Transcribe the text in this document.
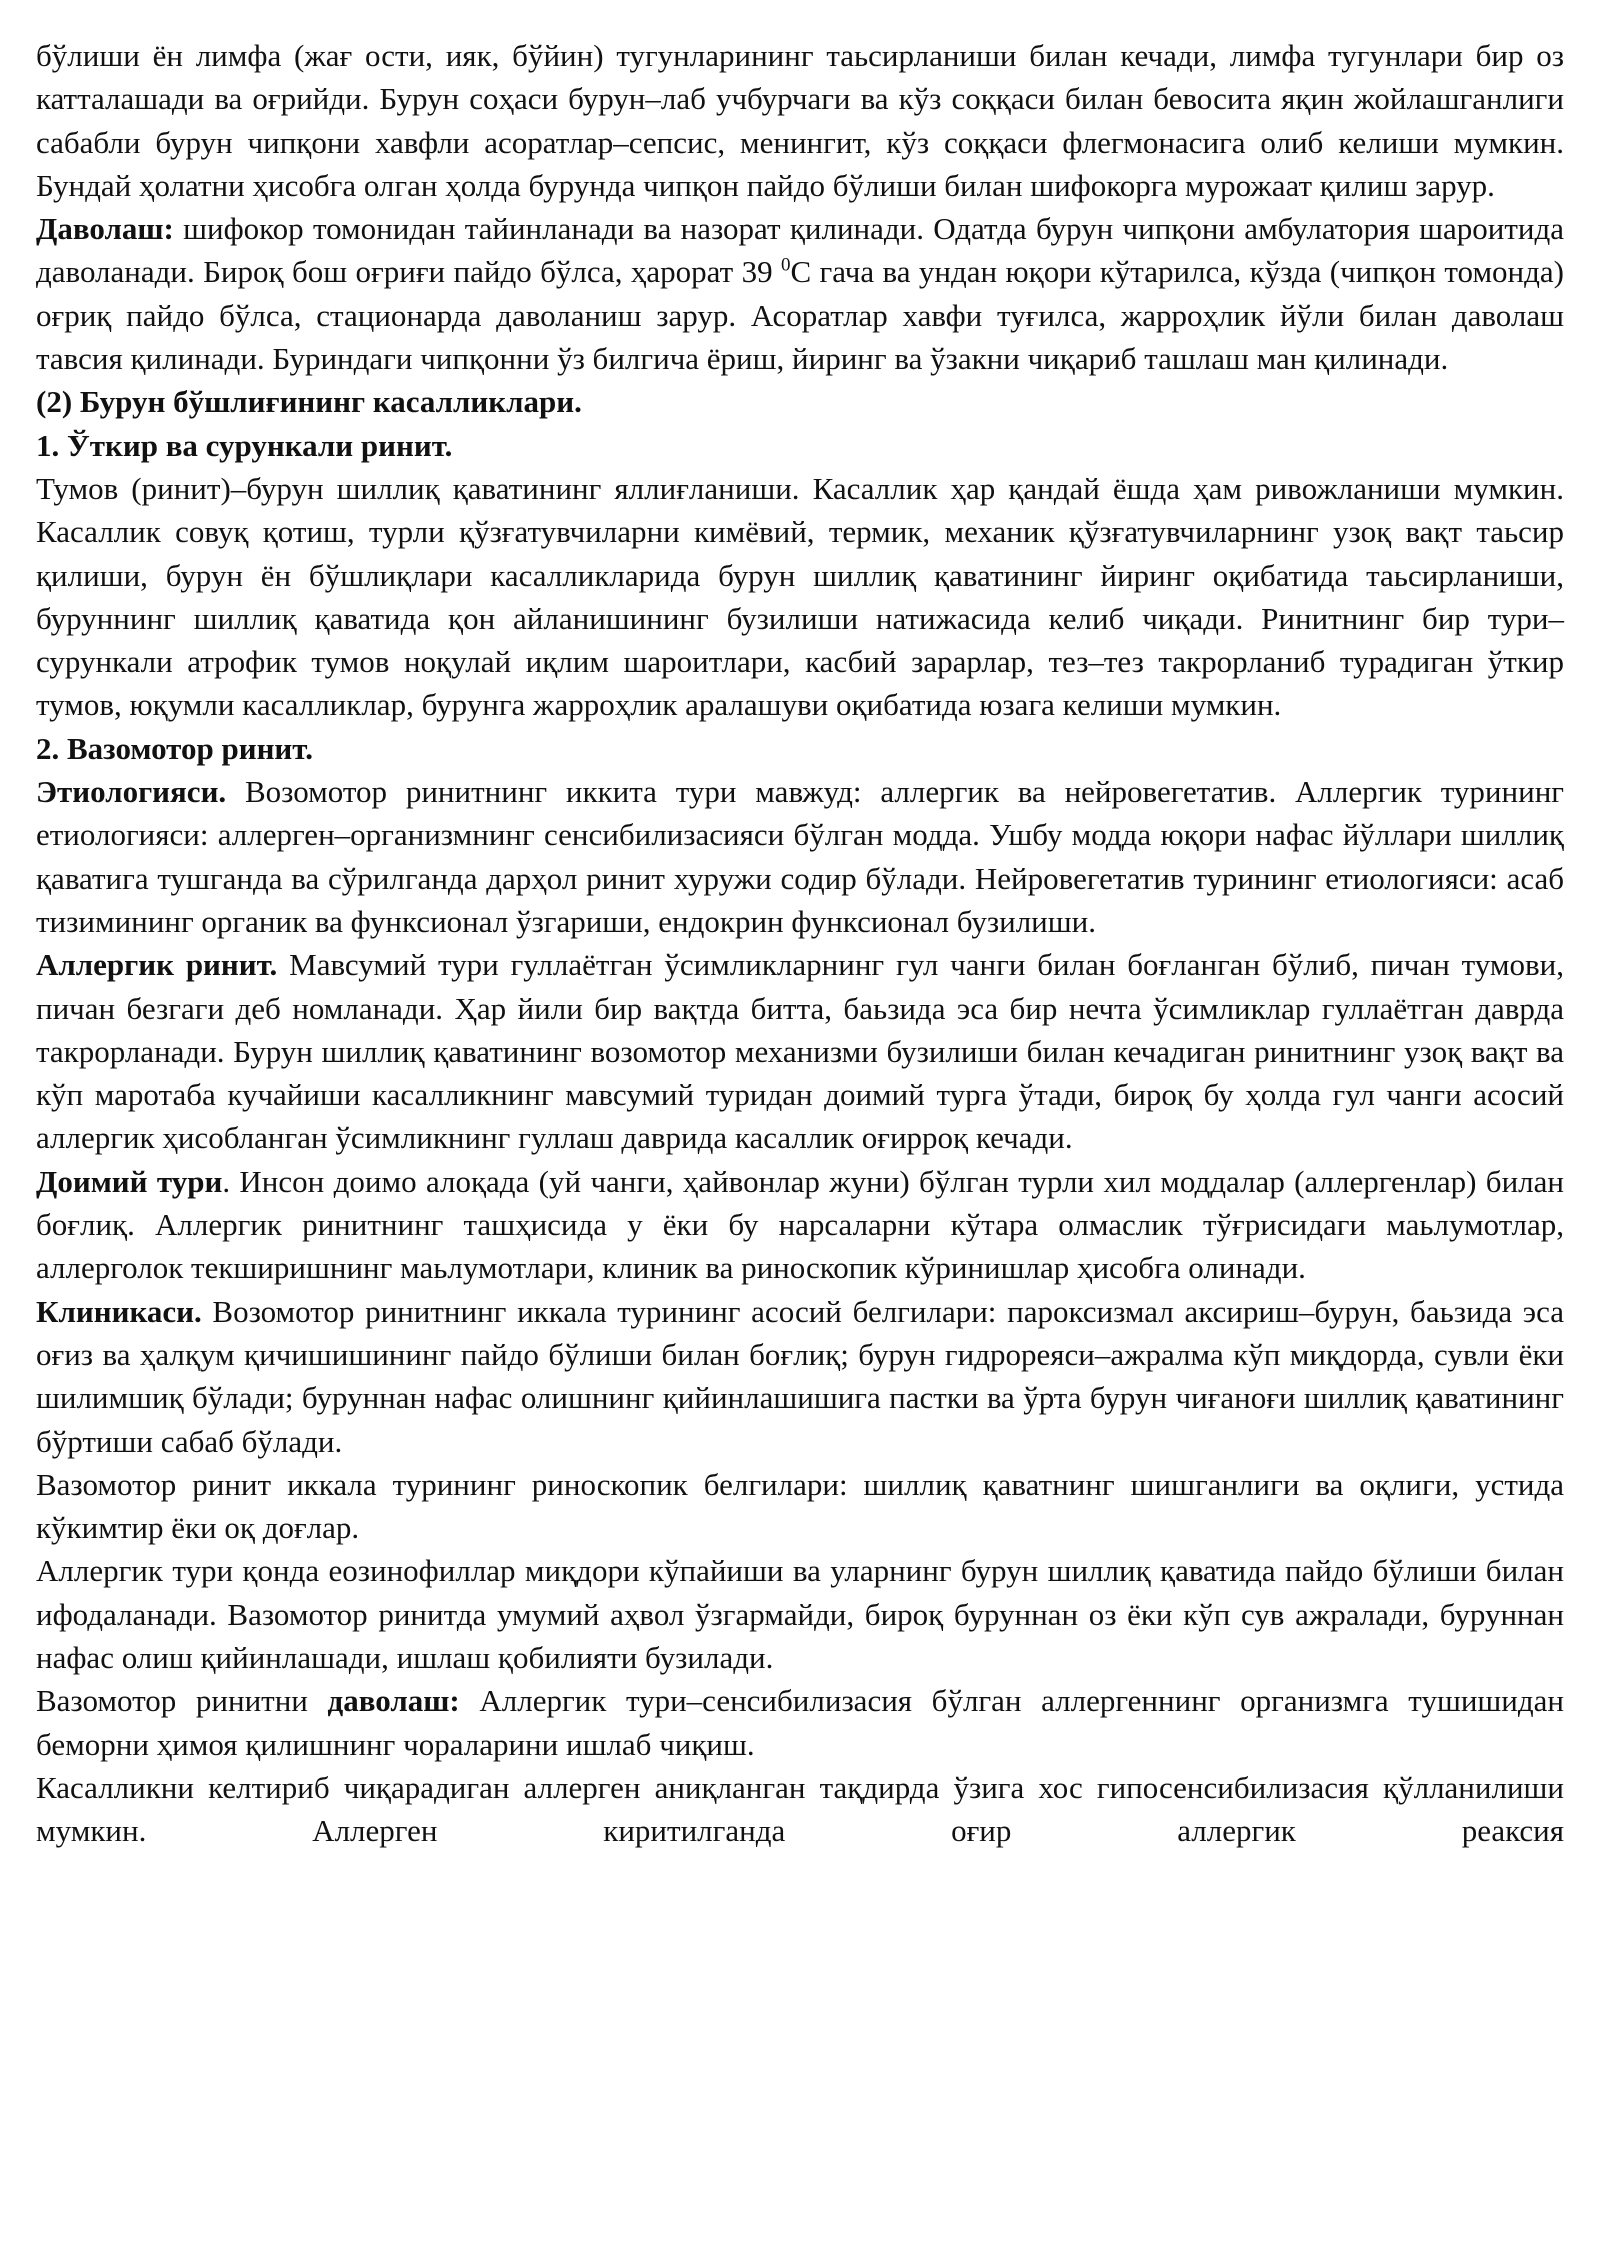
бўлиши ён лимфа (жағ ости, ияк, бўйин) тугунларининг таьсирланиши билан кечади, лимфа тугунлари бир оз катталашади ва оғрийди. Бурун соҳаси бурун–лаб учбурчаги ва кўз соққаси билан бевосита яқин жойлашганлиги сабабли бурун чипқони хавфли асоратлар–сепсис, менингит, кўз соққаси флегмонасига олиб келиши мумкин. Бундай ҳолатни ҳисобга олган ҳолда бурунда чипқон пайдо бўлиши билан шифокорга мурожаат қилиш зарур.

Даволаш: шифокор томонидан тайинланади ва назорат қилинади. Одатда бурун чипқони амбулатория шароитида даволанади. Бироқ бош оғриғи пайдо бўлса, ҳарорат 39 $^0$С гача ва ундан юқори кўтарилса, кўзда (чипқон томонда) оғриқ пайдо бўлса, стационарда даволаниш зарур. Асоратлар хавфи туғилса, жарроҳлик йўли билан даволаш тавсия қилинади. Буриндаги чипқонни ўз билгича ёриш, йиринг ва ўзакни чиқариб ташлаш ман қилинади.

(2) Бурун бўшлиғининг касалликлари.

1. Ўткир ва сурункали ринит.

Тумов (ринит)–бурун шиллиқ қаватининг яллиғланиши. Касаллик ҳар қандай ёшда ҳам ривожланиши мумкин. Касаллик совуқ қотиш, турли қўзғатувчиларни кимёвий, термик, механик қўзғатувчиларнинг узоқ вақт таьсир қилиши, бурун ён бўшлиқлари касалликларида бурун шиллиқ қаватининг йиринг оқибатида таьсирланиши, буруннинг шиллиқ қаватида қон айланишининг бузилиши натижасида келиб чиқади. Ринитнинг бир тури–сурункали атрофик тумов ноқулай иқлим шароитлари, касбий зарарлар, тез–тез такрорланиб турадиган ўткир тумов, юқумли касалликлар, бурунга жарроҳлик аралашуви оқибатида юзага келиши мумкин.

2. Вазомотор ринит.

Этиологияси. Возомотор ринитнинг иккита тури мавжуд: аллергик ва нейровегетатив. Аллергик турининг етиологияси: аллерген–организмнинг сенсибилизасияси бўлган модда. Ушбу модда юқори нафас йўллари шиллиқ қаватига тушганда ва сўрилганда дарҳол ринит хуружи содир бўлади. Нейровегетатив турининг етиологияси: асаб тизимининг органик ва функсионал ўзгариши, ендокрин функсионал бузилиши.

Аллергик ринит. Мавсумий тури гуллаётган ўсимликларнинг гул чанги билан боғланган бўлиб, пичан тумови, пичан безгаги деб номланади. Ҳар йили бир вақтда битта, баьзида эса бир нечта ўсимликлар гуллаётган даврда такрорланади. Бурун шиллиқ қаватининг возомотор механизми бузилиши билан кечадиган ринитнинг узоқ вақт ва кўп маротаба кучайиши касалликнинг мавсумий туридан доимий турга ўтади, бироқ бу ҳолда гул чанги асосий аллергик ҳисобланган ўсимликнинг гуллаш даврида касаллик оғирроқ кечади.

Доимий тури. Инсон доимо алоқада (уй чанги, ҳайвонлар жуни) бўлган турли хил моддалар (аллергенлар) билан боғлиқ. Аллергик ринитнинг ташҳисида у ёки бу нарсаларни кўтара олмаслик тўғрисидаги маьлумотлар, аллерголок текширишнинг маьлумотлари, клиник ва риноскопик кўринишлар ҳисобга олинади.

Клиникаси. Возомотор ринитнинг иккала турининг асосий белгилари: пароксизмал аксириш–бурун, баьзида эса оғиз ва ҳалқум қичишишининг пайдо бўлиши билан боғлиқ; бурун гидрореяси–ажралма кўп миқдорда, сувли ёки шилимшиқ бўлади; буруннан нафас олишнинг қийинлашишига пастки ва ўрта бурун чиғаноғи шиллиқ қаватининг бўртиши сабаб бўлади.

Вазомотор ринит иккала турининг риноскопик белгилари: шиллиқ қаватнинг шишганлиги ва оқлиги, устида кўкимтир ёки оқ доғлар.

Аллергик тури қонда еозинофиллар миқдори кўпайиши ва уларнинг бурун шиллиқ қаватида пайдо бўлиши билан ифодаланади. Вазомотор ринитда умумий аҳвол ўзгармайди, бироқ буруннан оз ёки кўп сув ажралади, буруннан нафас олиш қийинлашади, ишлаш қобилияти бузилади.

Вазомотор ринитни даволаш: Аллергик тури–сенсибилизасия бўлган аллергеннинг организмга тушишидан беморни ҳимоя қилишнинг чораларини ишлаб чиқиш.

Касалликни келтириб чиқарадиган аллерген аниқланган тақдирда ўзига хос гипосенсибилизасия қўлланилиши мумкин. Аллерген киритилганда оғир аллергик реаксия
